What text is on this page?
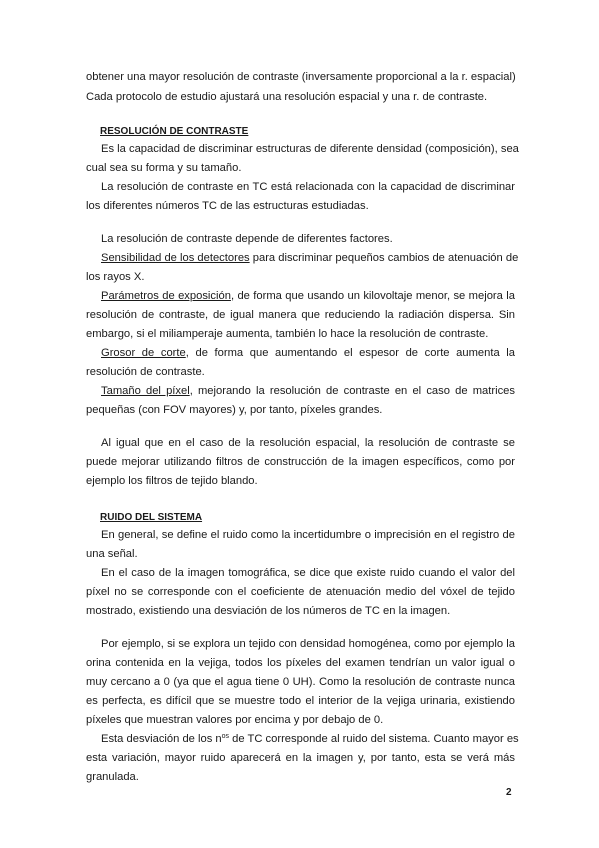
obtener una mayor resolución de contraste (inversamente proporcional a la r. espacial)
Cada protocolo de estudio ajustará una resolución espacial y una r. de contraste.
RESOLUCIÓN DE CONTRASTE
Es la capacidad de discriminar estructuras de diferente densidad (composición), sea
cual sea su forma y su tamaño.
La resolución de contraste en TC está relacionada con la capacidad de discriminar
los diferentes números TC de las estructuras estudiadas.
La resolución de contraste depende de diferentes factores.
Sensibilidad de los detectores para discriminar pequeños cambios de atenuación de
los rayos X.
Parámetros de exposición, de forma que usando un kilovoltaje menor, se mejora la
resolución de contraste, de igual manera que reduciendo la radiación dispersa. Sin
embargo, si el miliamperaje aumenta, también lo hace la resolución de contraste.
Grosor de corte, de forma que aumentando el espesor de corte aumenta la
resolución de contraste.
Tamaño del píxel, mejorando la resolución de contraste en el caso de matrices
pequeñas (con FOV mayores) y, por tanto, píxeles grandes.
Al igual que en el caso de la resolución espacial, la resolución de contraste se
puede mejorar utilizando filtros de construcción de la imagen específicos, como por
ejemplo los filtros de tejido blando.
RUIDO DEL SISTEMA
En general, se define el ruido como la incertidumbre o imprecisión en el registro de
una señal.
En el caso de la imagen tomográfica, se dice que existe ruido cuando el valor del
píxel no se corresponde con el coeficiente de atenuación medio del vóxel de tejido
mostrado, existiendo una desviación de los números de TC en la imagen.
Por ejemplo, si se explora un tejido con densidad homogénea, como por ejemplo la
orina contenida en la vejiga, todos los píxeles del examen tendrían un valor igual o
muy cercano a 0 (ya que el agua tiene 0 UH). Como la resolución de contraste nunca
es perfecta, es difícil que se muestre todo el interior de la vejiga urinaria, existiendo
píxeles que muestran valores por encima y por debajo de 0.
Esta desviación de los $n^{os}$ de TC corresponde al ruido del sistema. Cuanto mayor es
esta variación, mayor ruido aparecerá en la imagen y, por tanto, esta se verá más
granulada.
2
